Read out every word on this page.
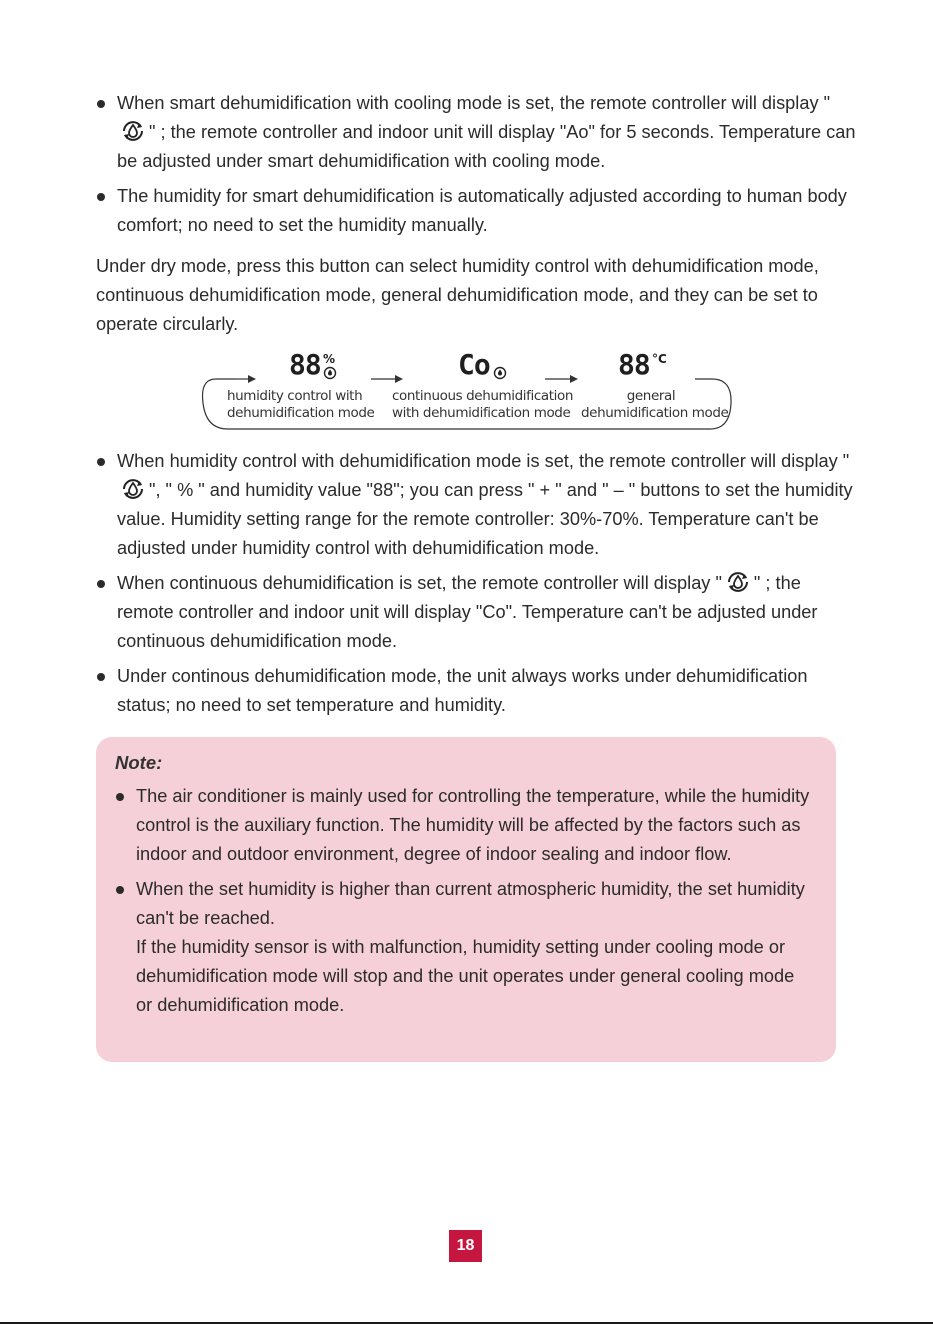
When smart dehumidification with cooling mode is set, the remote controller will display "" ; the remote controller and indoor unit will display "Ao" for 5 seconds. Temperature can be adjusted under smart dehumidification with cooling mode.
The humidity for smart dehumidification is automatically adjusted according to human body comfort; no need to set the humidity manually.

Under dry mode, press this button can select humidity control with dehumidification mode, continuous dehumidification mode, general dehumidification mode, and they can be set to operate circularly.

88 %
humidity control with
dehumidification mode
Co
continuous dehumidification
with dehumidification mode
88 °C
general
dehumidification mode
When humidity control with dehumidification mode is set, the remote controller will display "", " % " and humidity value "88"; you can press " + " and " – " buttons to set the humidity value. Humidity setting range for the remote controller: 30%-70%. Temperature can't be adjusted under humidity control with dehumidification mode.
When continuous dehumidification is set, the remote controller will display " " ; the remote controller and indoor unit will display "Co". Temperature can't be adjusted under continuous dehumidification mode.
Under continous dehumidification mode, the unit always works under dehumidification status; no need to set temperature and humidity.
Note:
The air conditioner is mainly used for controlling the temperature, while the humidity control is the auxiliary function. The humidity will be affected by the factors such as indoor and outdoor environment, degree of indoor sealing and indoor flow.
When the set humidity is higher than current atmospheric humidity, the set humidity can't be reached.
If the humidity sensor is with malfunction, humidity setting under cooling mode or dehumidification mode will stop and the unit operates under general cooling mode or dehumidification mode.
18
